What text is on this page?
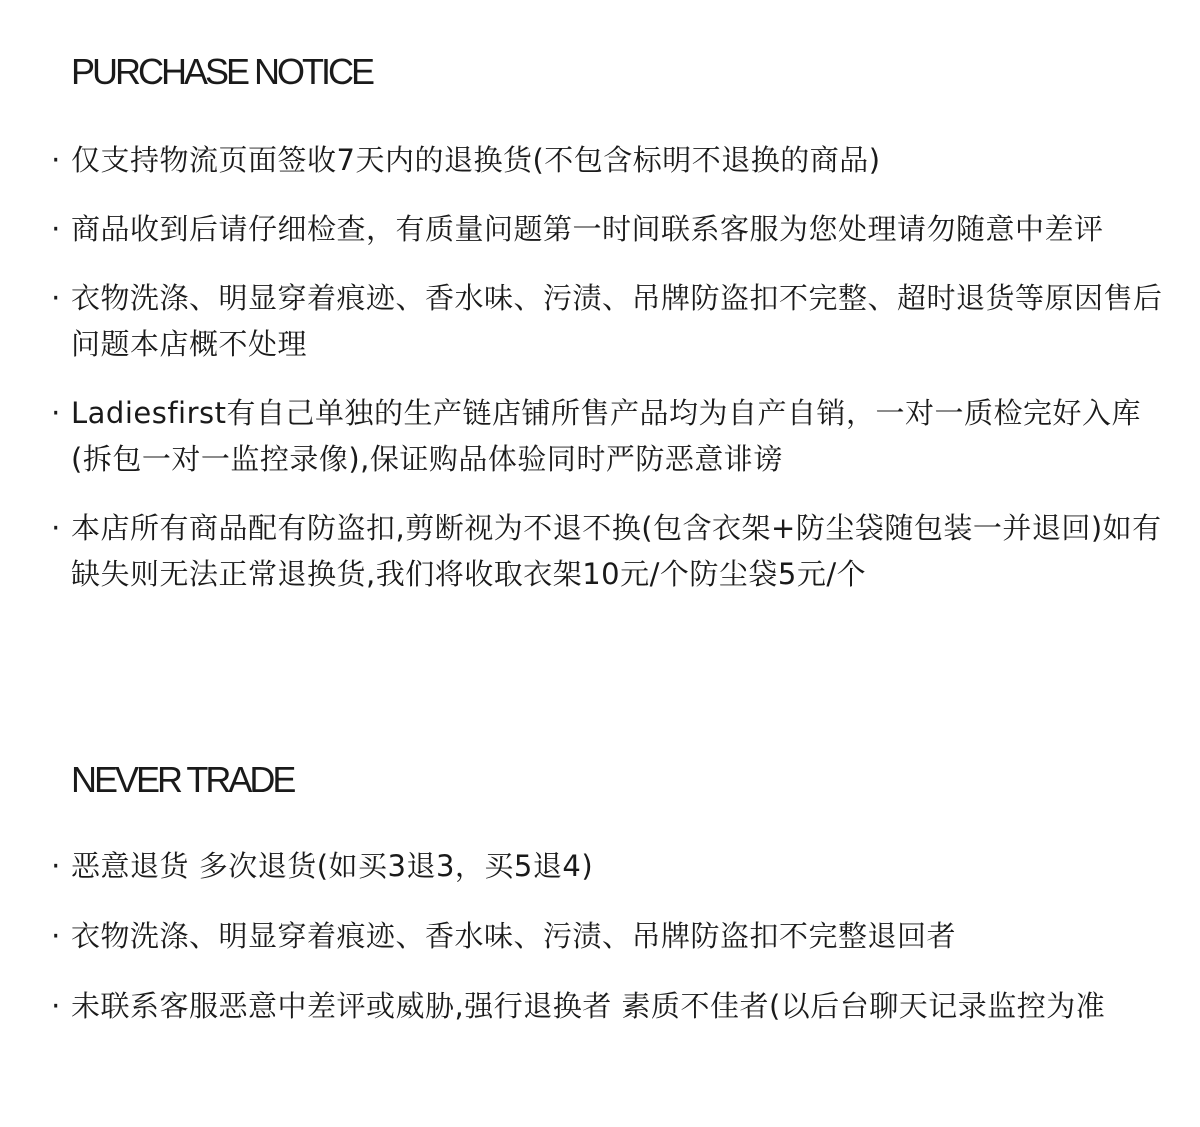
PURCHASE NOTICE
· 仅支持物流页面签收7天内的退换货(不包含标明不退换的商品)
· 商品收到后请仔细检查，有质量问题第一时间联系客服为您处理请勿随意中差评
· 衣物洗涤、明显穿着痕迹、香水味、污渍、吊牌防盗扣不完整、超时退货等原因售后问题本店概不处理
· Ladiesfirst有自己单独的生产链店铺所售产品均为自产自销，一对一质检完好入库(拆包一对一监控录像),保证购品体验同时严防恶意诽谤
· 本店所有商品配有防盗扣,剪断视为不退不换(包含衣架+防尘袋随包装一并退回)如有缺失则无法正常退换货,我们将收取衣架10元/个防尘袋5元/个
NEVER TRADE
· 恶意退货 多次退货(如买3退3，买5退4)
· 衣物洗涤、明显穿着痕迹、香水味、污渍、吊牌防盗扣不完整退回者
· 未联系客服恶意中差评或威胁,强行退换者 素质不佳者(以后台聊天记录监控为准
